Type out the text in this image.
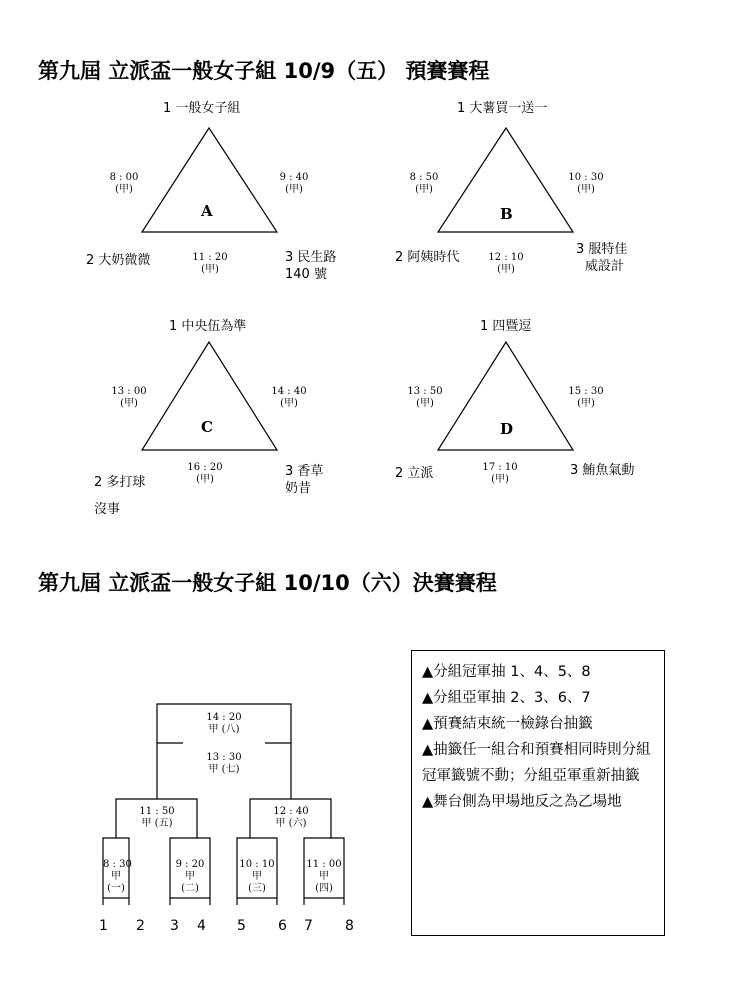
第九屆 立派盃一般女子組 10/9（五） 預賽賽程
1 一般女子組
8 : 00
(甲)
9 : 40
(甲)
A
2 大奶微微	11 : 20
(甲)
3 民生路
140 號
1 大薯買一送一
8 : 50
(甲)
10 : 30
(甲)
B
2 阿姨時代	12 : 10
(甲)
3 服特佳
威設計
1 中央伍為準
13 : 00
(甲)
14 : 40
(甲)
C
2 多打球
沒事
16 : 20
(甲)
3 香草
奶昔
1 四暨逗
13 : 50
(甲)
15 : 30
(甲)
D
2 立派	17 : 10
(甲)
3 鮪魚氣動
第九屆 立派盃一般女子組 10/10（六）決賽賽程
14 : 20
甲 (八)
13 : 30
甲 (七)
11 : 50
甲 (五)
12 : 40
甲 (六)
8 : 30
甲
(一)
9 : 20
甲
(二)
10 : 10
甲
(三)
11 : 00
甲
(四)
1 2 3 4 5 6 7 8

▲分組冠軍抽 1、4、5、8

▲分組亞軍抽 2、3、6、7

▲預賽結束統一檢錄台抽籤

▲抽籤任一組合和預賽相同時則分組冠軍籤號不動；分組亞軍重新抽籤

▲舞台側為甲場地反之為乙場地
